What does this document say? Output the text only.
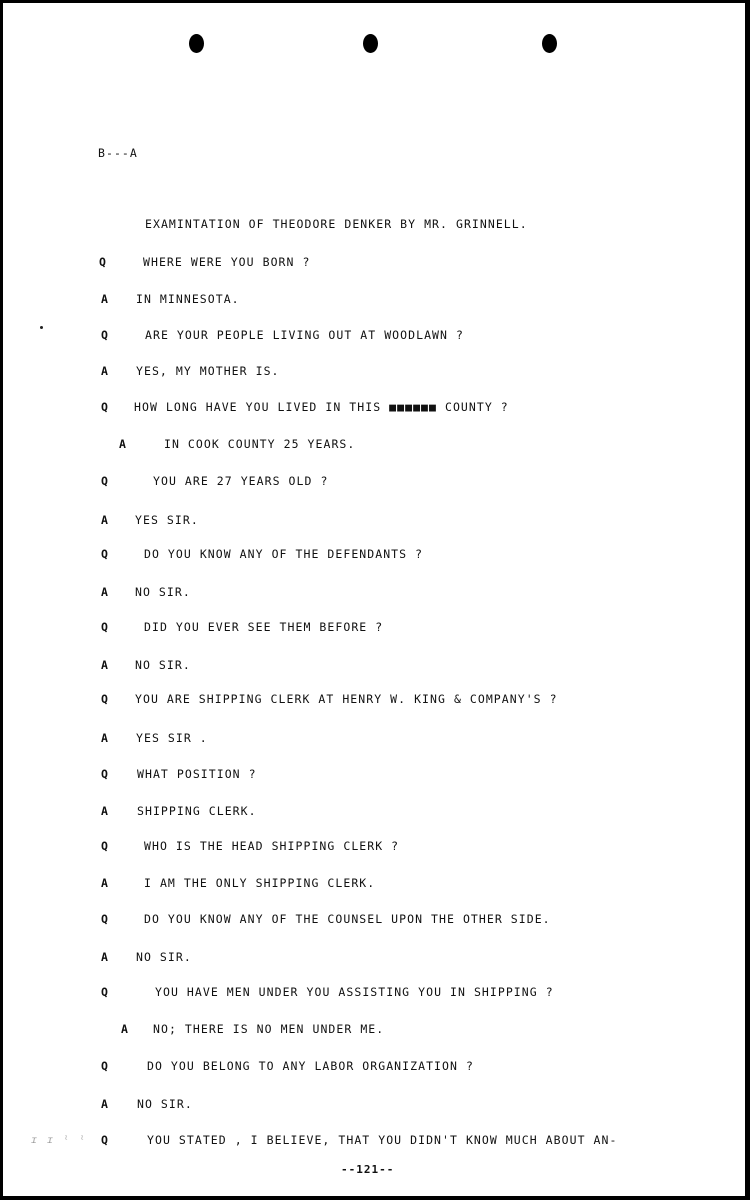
ɪ ɪ ˡ ˡ
B---A
EXAMINTATION OF THEODORE DENKER BY MR. GRINNELL.
Q	WHERE WERE YOU BORN ?
A IN MINNESOTA.
Q	ARE YOUR PEOPLE LIVING OUT AT WOODLAWN ?
A YES, MY MOTHER IS.
Q HOW LONG HAVE YOU LIVED IN THIS ■■■■■■ COUNTY ?
A	IN COOK COUNTY 25 YEARS.
Q	YOU ARE 27 YEARS OLD ?
A YES SIR.
Q	DO YOU KNOW ANY OF THE DEFENDANTS ?
A NO SIR.
Q	DID YOU EVER SEE THEM BEFORE ?
A NO SIR.
Q YOU ARE SHIPPING CLERK AT HENRY W. KING & COMPANY'S ?
A YES SIR .
Q	WHAT POSITION ?
A	SHIPPING CLERK.
Q	WHO IS THE HEAD SHIPPING CLERK ?
A	I AM THE ONLY SHIPPING CLERK.
Q	DO YOU KNOW ANY OF THE COUNSEL UPON THE OTHER SIDE.
A NO SIR.
Q	YOU HAVE MEN UNDER YOU ASSISTING YOU IN SHIPPING ?
A NO; THERE IS NO MEN UNDER ME.
Q	DO YOU BELONG TO ANY LABOR ORGANIZATION ?
A	NO SIR.
Q	YOU STATED , I BELIEVE, THAT YOU DIDN'T KNOW MUCH ABOUT AN-
--121--
